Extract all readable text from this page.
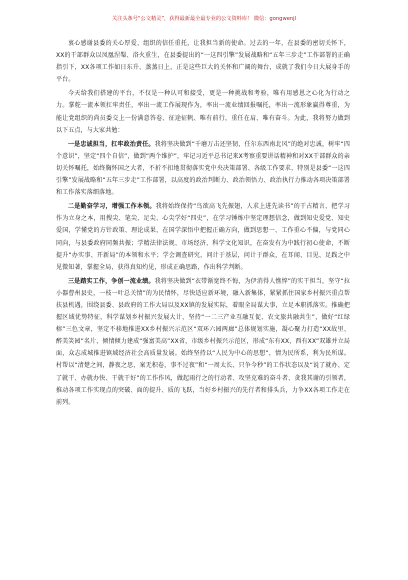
关注头条号“公文精灵”，获得最新最全最专业的公文资料库！ 微信：gongwenjl

衷心感谢县委的关心厚爱、组织的信任重托，让我担当新的使命。过去的一年，在县委的密切关怀下，XX的干部群众以凤凰涅槃、浴火重生，在县委提出的“一这四引擎”发展战略和“五年三步走”工作部署的正确指引下，XX各项工作如日东升、蒸蒸日上，正是这些巨大的关怀和广阔的舞台，成就了我们今日大展身手的平台。

今天给我们搭建的平台，不仅是一种认可和接受，更是一种挑战和考验，唯有用感恩之心化为行动之力。掌舵一流本领扛牢责任，率出一流工作展现作为，率出一流业绩回报嘱托，率出一流形象赢得尊重，为能让党组织的尚员委交上一份满意答卷、征途征帆、唯有前行，重任在肩、唯有奋斗。为此，我将努力做到以下五点，与大家共勉：

一是忠诚担当，扛牢政治责任。我将坚决做到“千磨万击还坚韧，任尔东西南北风”的绝对忠诚，树牢“四个意识”，坚定“四个自信”，做到“两个维护”，牢记习近平总书记来X考察重要讲话精神和对XX干部群众的亲切关怀嘱托，始终胸怀国之大者，不折不扣地贯彻落实党中央决策部署、各级工作要求，特别是县委“一这四引擎”发展战略和“五年三步走”工作部署，以高度的政治判断力、政治领悟力、政治执行力推动各项决策部署和工作落实落细落地。

二是勤奋学习，增强工作本领。我将始终保持“鸟欲高飞先振翅，人求上进先读书”的干占精言，把学习作为立身之本，用搜尖、笔尖、足尖、心尖学好“四史”，在学习锤炼中坚定理想信念，做到知史爱党、知史爱国，学懂党的方针政策、理论成果，在国学深悟中把握正确方向，做到思想一、工作重心不偏，与党同心同向，与县委政府同频共振；学精法律法规、市场经济、科学文化知识，在奋发有为中践行初心使命，不断提升“办实事、开新局”的本领和水平；学会调查研究，问计于基层，问计于群众，在耳闻、目见、足践之中见微知著，掌握全局，获得真知灼见，形成正确思路，作出科学判断。

三是踏实工作，争创一流业绩。我将坚决做到“衣带渐宽终不悔，为伊消得人憔悴”的实干担当，坚守“拉小器曹州县史，一枝一叶总关情”的为民情怀，尽快适应新环境，融入新集体，紧紧抓住国家乡村振兴重点帮扶县机遇，围绕县委、县政府的工作大局以及XX镇的发展实际，着眼全局谋大事，立足本职抓落实。推确把握区域优势特征，科学谋划乡村振兴发展大计，坚持“一二三产业互融互促、农文旅共融共生”，做好“红绿榕”三色文章，坚定不移地推进XX乡村振兴示范区“双环六园两廊”总体规划实施，凝心聚力打造“XX故里、醉美笑园”名片，倾情倾力建成“强富美高”XX省，市级乡村振兴示范区，形成“东有XX，西有XX”双雄并立局面，众志成城推进镇域经济社会高质量发展。始终坚持以“人民为中心的思想”，情为民所系，利为民所谋。村帮以“清楚之间，静夜之思，案无积卷，事不过夜”和“一周太长、只争今秒”的工作状态以及“说了就办、定了就干、办就办快、干就干好”的工作作风，做起雨行之的行动者、攻坚克难的奋斗者、贪我其谢的引领者，推动各项工作实现点的突破、面的提升、质的飞跃，当好乡村振兴的先行者和排头兵，力争XX各项工作走在前列。
